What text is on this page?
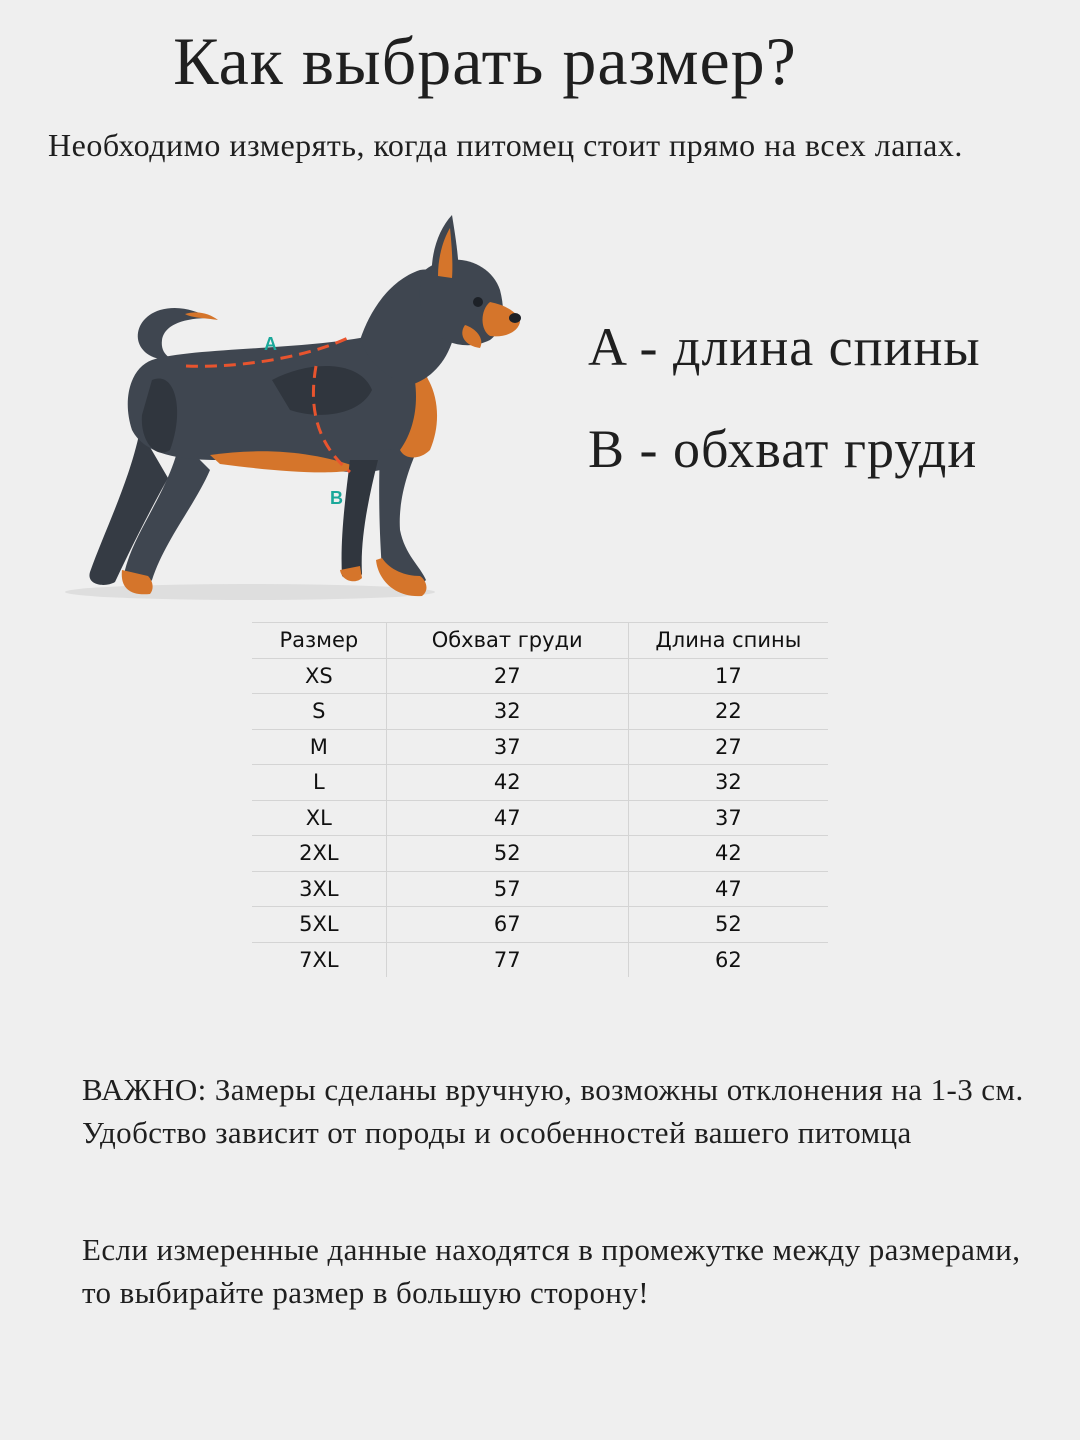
Как выбрать размер?

Необходимо измерять, когда питомец стоит прямо на всех лапах.

A
B

A - длина спины

B - обхват груди

Размер	Обхват груди	Длина спины
XS	27	17
S	32	22
M	37	27
L	42	32
XL	47	37
2XL	52	42
3XL	57	47
5XL	67	52
7XL	77	62

ВАЖНО: Замеры сделаны вручную, возможны отклонения на 1-3 см. Удобство зависит от породы и особенностей вашего питомца

Если измеренные данные находятся в промежутке между размерами, то выбирайте размер в большую сторону!
